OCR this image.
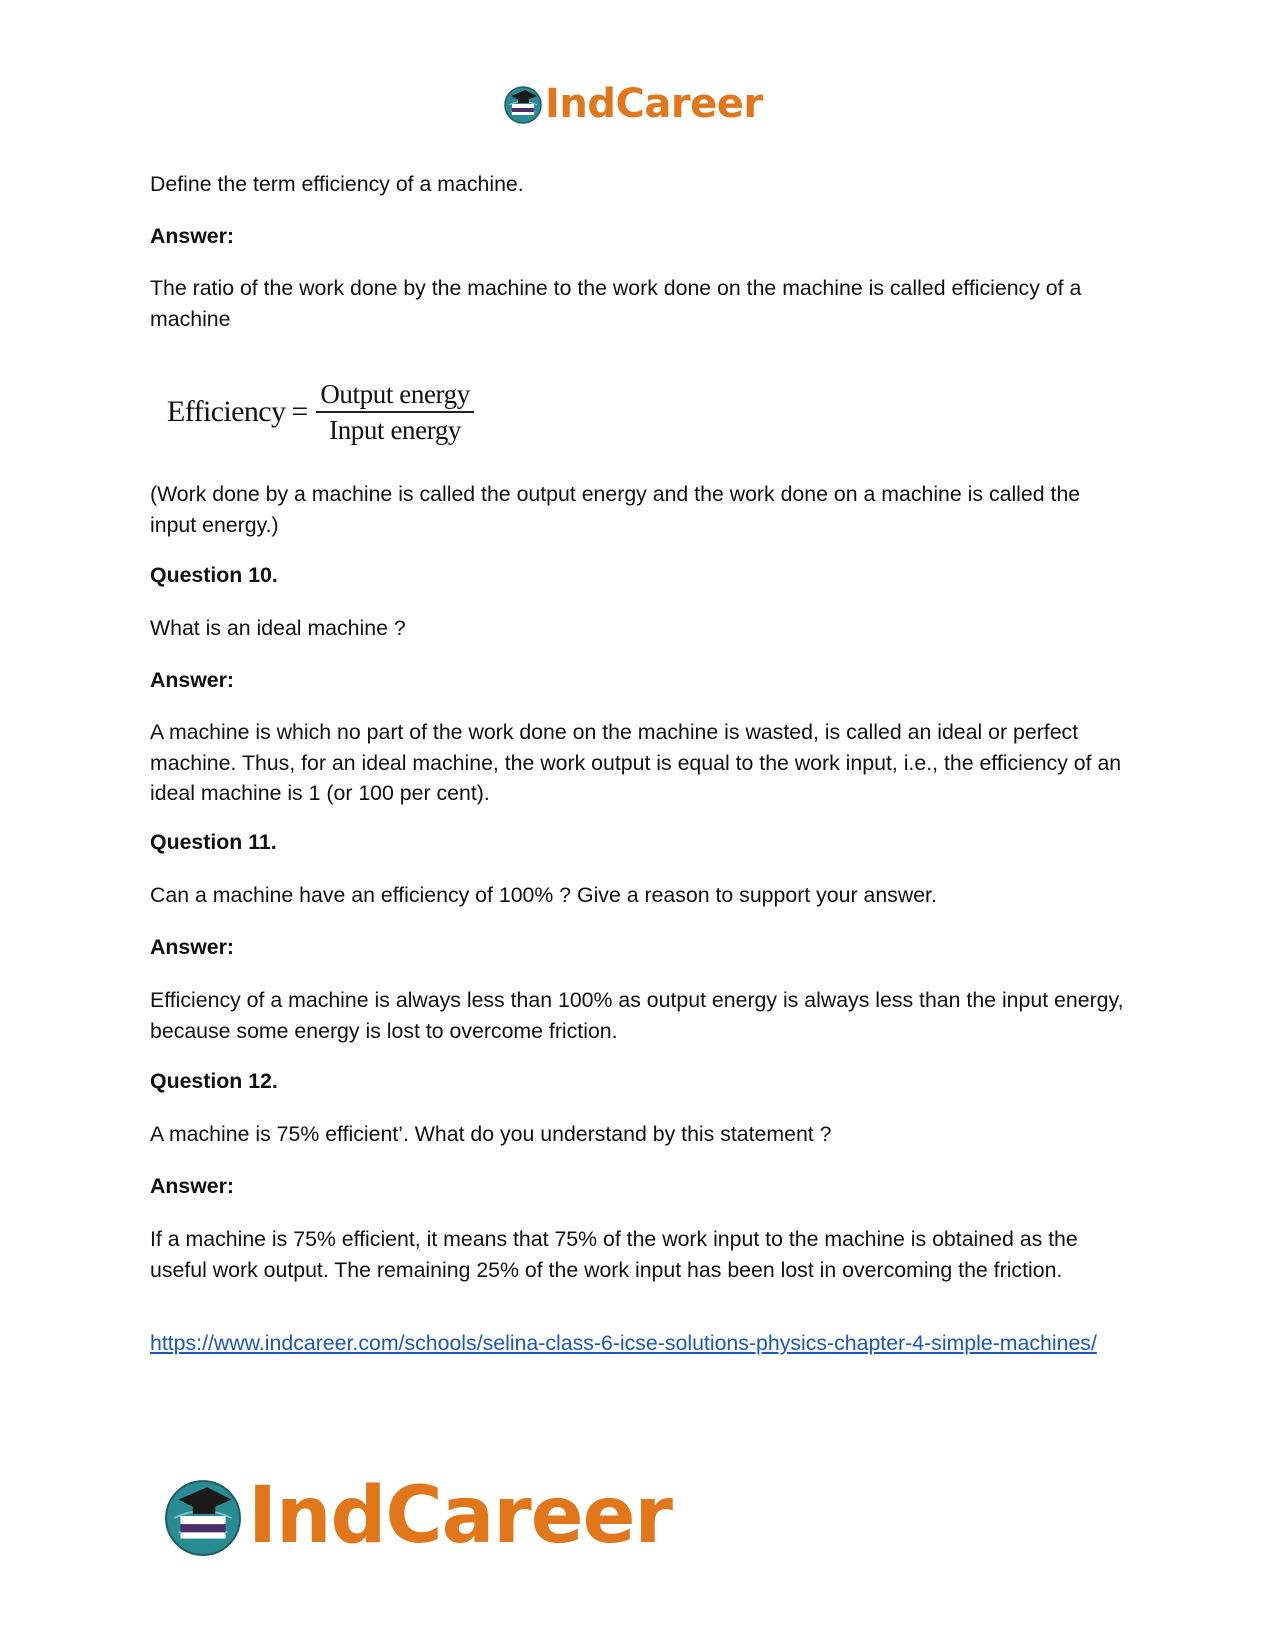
IndCareer

Define the term efficiency of a machine.

Answer:

The ratio of the work done by the machine to the work done on the machine is called efficiency of a machine

(Work done by a machine is called the output energy and the work done on a machine is called the input energy.)

Question 10.

What is an ideal machine ?

Answer:

A machine is which no part of the work done on the machine is wasted, is called an ideal or perfect machine. Thus, for an ideal machine, the work output is equal to the work input, i.e., the efficiency of an ideal machine is 1 (or 100 per cent).

Question 11.

Can a machine have an efficiency of 100% ? Give a reason to support your answer.

Answer:

Efficiency of a machine is always less than 100% as output energy is always less than the input energy, because some energy is lost to overcome friction.

Question 12.

A machine is 75% efficient’. What do you understand by this statement ?

Answer:

If a machine is 75% efficient, it means that 75% of the work input to the machine is obtained as the useful work output. The remaining 25% of the work input has been lost in overcoming the friction.

https://www.indcareer.com/schools/selina-class-6-icse-solutions-physics-chapter-4-simple-machines/

Efficiency = $\frac{\text{Output energy}}{\text{Input energy}}$
IndCareer
